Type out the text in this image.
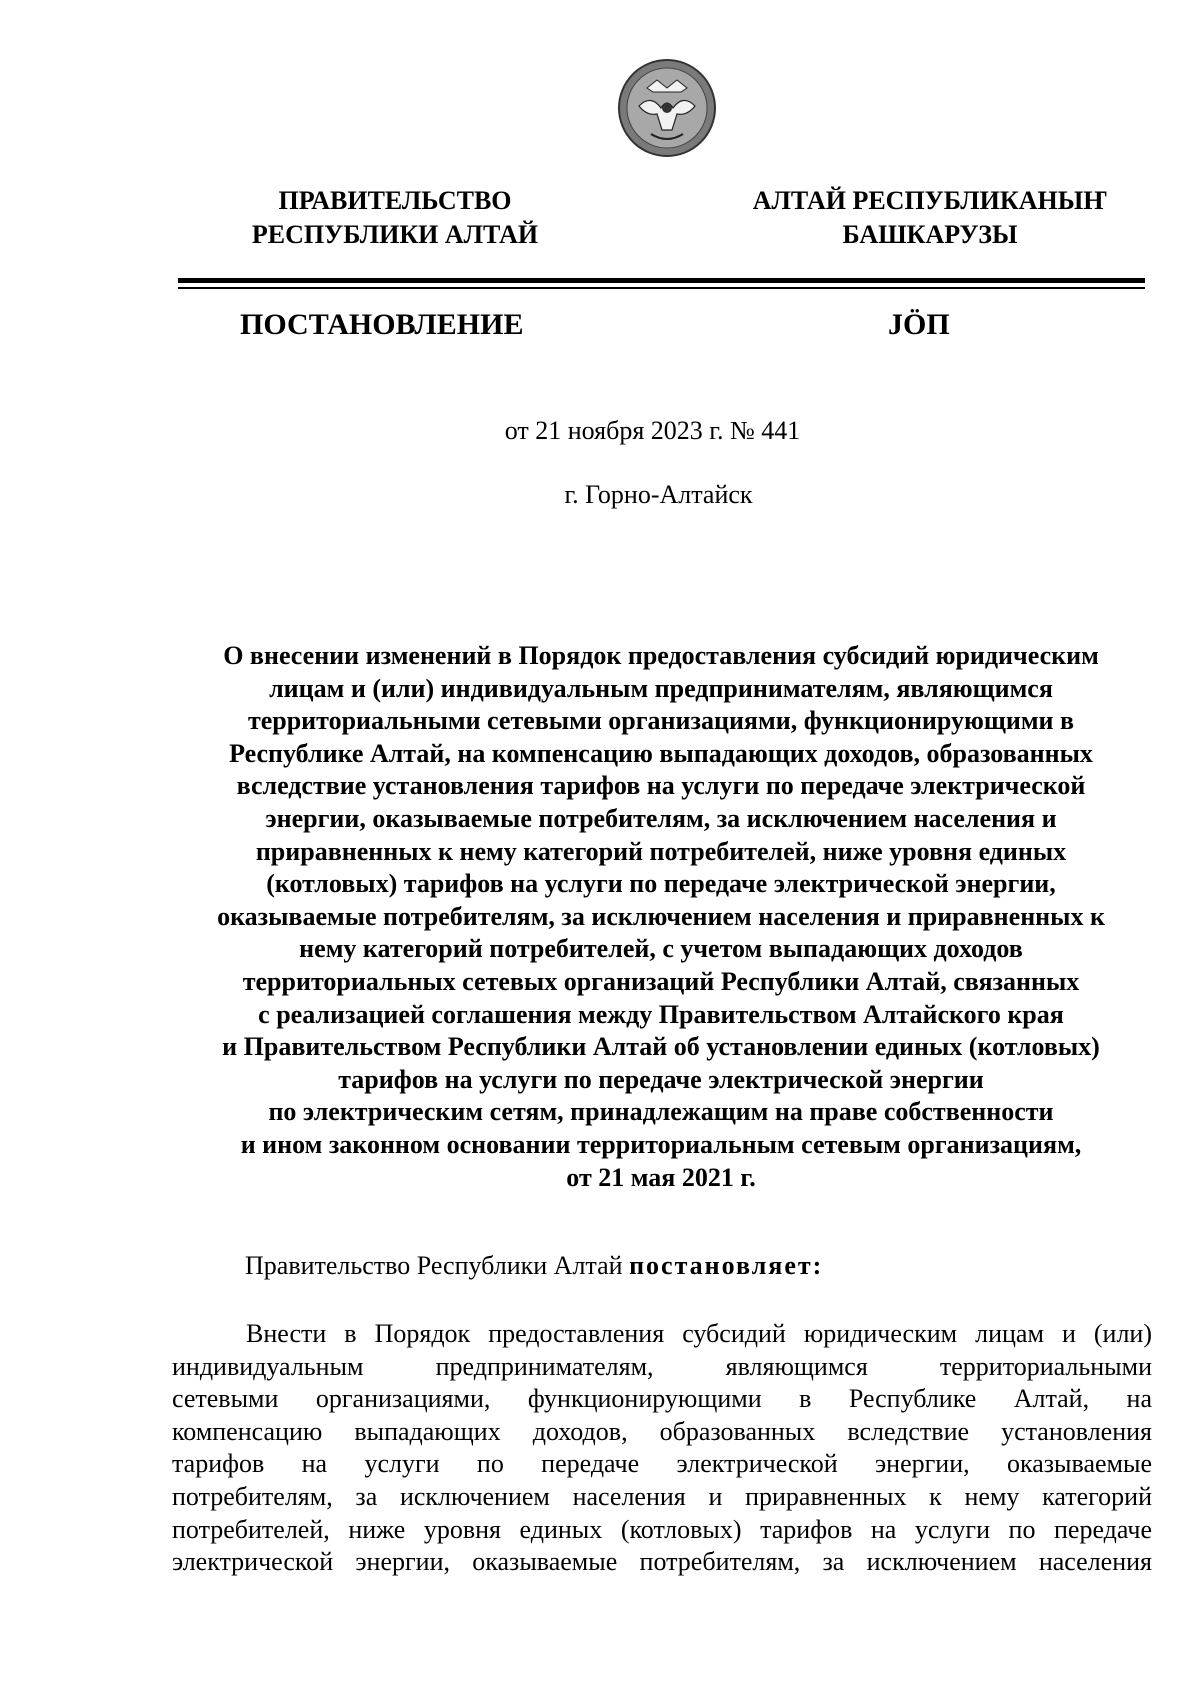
ПРАВИТЕЛЬСТВО
РЕСПУБЛИКИ АЛТАЙ
АЛТАЙ РЕСПУБЛИКАНЫҤ
БАШКАРУЗЫ
ПОСТАНОВЛЕНИЕ	JÖП
от 21 ноября 2023 г. № 441
г. Горно-Алтайск
О внесении изменений в Порядок предоставления субсидий юридическим
лицам и (или) индивидуальным предпринимателям, являющимся
территориальными сетевыми организациями, функционирующими в
Республике Алтай, на компенсацию выпадающих доходов, образованных
вследствие установления тарифов на услуги по передаче электрической
энергии, оказываемые потребителям, за исключением населения и
приравненных к нему категорий потребителей, ниже уровня единых
(котловых) тарифов на услуги по передаче электрической энергии,
оказываемые потребителям, за исключением населения и приравненных к
нему категорий потребителей, с учетом выпадающих доходов
территориальных сетевых организаций Республики Алтай, связанных
с реализацией соглашения между Правительством Алтайского края
и Правительством Республики Алтай об установлении единых (котловых)
тарифов на услуги по передаче электрической энергии
по электрическим сетям, принадлежащим на праве собственности
и ином законном основании территориальным сетевым организациям,
от 21 мая 2021 г.
Правительство Республики Алтай постановляет:
Внести в Порядок предоставления субсидий юридическим лицам и (или)
индивидуальным предпринимателям, являющимся территориальными
сетевыми организациями, функционирующими в Республике Алтай, на
компенсацию выпадающих доходов, образованных вследствие установления
тарифов на услуги по передаче электрической энергии, оказываемые
потребителям, за исключением населения и приравненных к нему категорий
потребителей, ниже уровня единых (котловых) тарифов на услуги по передаче
электрической энергии, оказываемые потребителям, за исключением населения
